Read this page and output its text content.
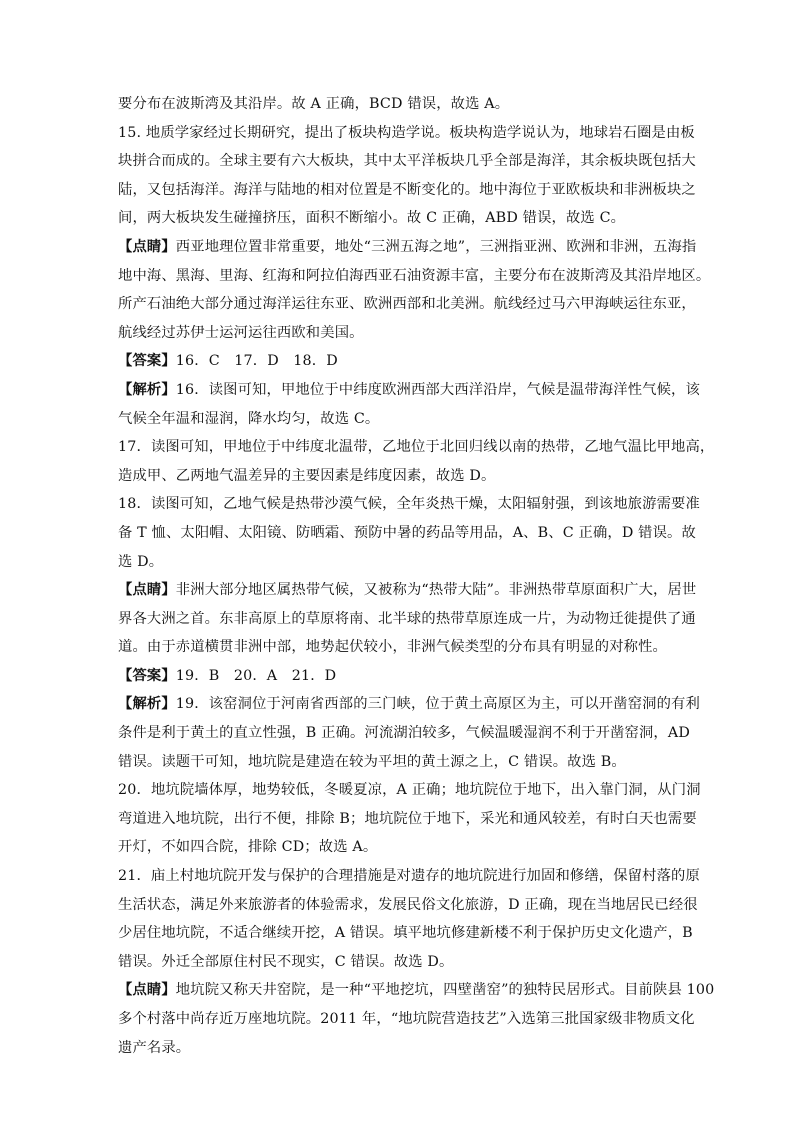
要分布在波斯湾及其沿岸。故 A 正确，BCD 错误，故选 A。
15. 地质学家经过长期研究，提出了板块构造学说。板块构造学说认为，地球岩石圈是由板
块拼合而成的。全球主要有六大板块，其中太平洋板块几乎全部是海洋，其余板块既包括大
陆，又包括海洋。海洋与陆地的相对位置是不断变化的。地中海位于亚欧板块和非洲板块之
间，两大板块发生碰撞挤压，面积不断缩小。故 C 正确，ABD 错误，故选 C。
【点睛】西亚地理位置非常重要，地处“三洲五海之地”，三洲指亚洲、欧洲和非洲，五海指
地中海、黑海、里海、红海和阿拉伯海西亚石油资源丰富，主要分布在波斯湾及其沿岸地区。
所产石油绝大部分通过海洋运往东亚、欧洲西部和北美洲。航线经过马六甲海峡运往东亚，
航线经过苏伊士运河运往西欧和美国。
【答案】16．C　17．D　18．D
【解析】16．读图可知，甲地位于中纬度欧洲西部大西洋沿岸，气候是温带海洋性气候，该
气候全年温和湿润，降水均匀，故选 C。
17．读图可知，甲地位于中纬度北温带，乙地位于北回归线以南的热带，乙地气温比甲地高，
造成甲、乙两地气温差异的主要因素是纬度因素，故选 D。
18．读图可知，乙地气候是热带沙漠气候，全年炎热干燥，太阳辐射强，到该地旅游需要准
备 T 恤、太阳帽、太阳镜、防晒霜、预防中暑的药品等用品，A、B、C 正确，D 错误。故
选 D。
【点睛】非洲大部分地区属热带气候，又被称为“热带大陆”。非洲热带草原面积广大，居世
界各大洲之首。东非高原上的草原将南、北半球的热带草原连成一片，为动物迁徙提供了通
道。由于赤道横贯非洲中部，地势起伏较小，非洲气候类型的分布具有明显的对称性。
【答案】19．B　20．A　21．D
【解析】19．该窑洞位于河南省西部的三门峡，位于黄土高原区为主，可以开凿窑洞的有利
条件是利于黄土的直立性强，B 正确。河流湖泊较多，气候温暖湿润不利于开凿窑洞，AD
错误。读题干可知，地坑院是建造在较为平坦的黄土源之上，C 错误。故选 B。
20．地坑院墙体厚，地势较低，冬暖夏凉，A 正确；地坑院位于地下，出入靠门洞，从门洞
弯道进入地坑院，出行不便，排除 B；地坑院位于地下，采光和通风较差，有时白天也需要
开灯，不如四合院，排除 CD；故选 A。
21．庙上村地坑院开发与保护的合理措施是对遗存的地坑院进行加固和修缮，保留村落的原
生活状态，满足外来旅游者的体验需求，发展民俗文化旅游，D 正确，现在当地居民已经很
少居住地坑院，不适合继续开挖，A 错误。填平地坑修建新楼不利于保护历史文化遗产，B
错误。外迁全部原住村民不现实，C 错误。故选 D。
【点睛】地坑院又称天井窑院，是一种“平地挖坑，四壁凿窑”的独特民居形式。目前陕县 100
多个村落中尚存近万座地坑院。2011 年，“地坑院营造技艺”入选第三批国家级非物质文化
遗产名录。
